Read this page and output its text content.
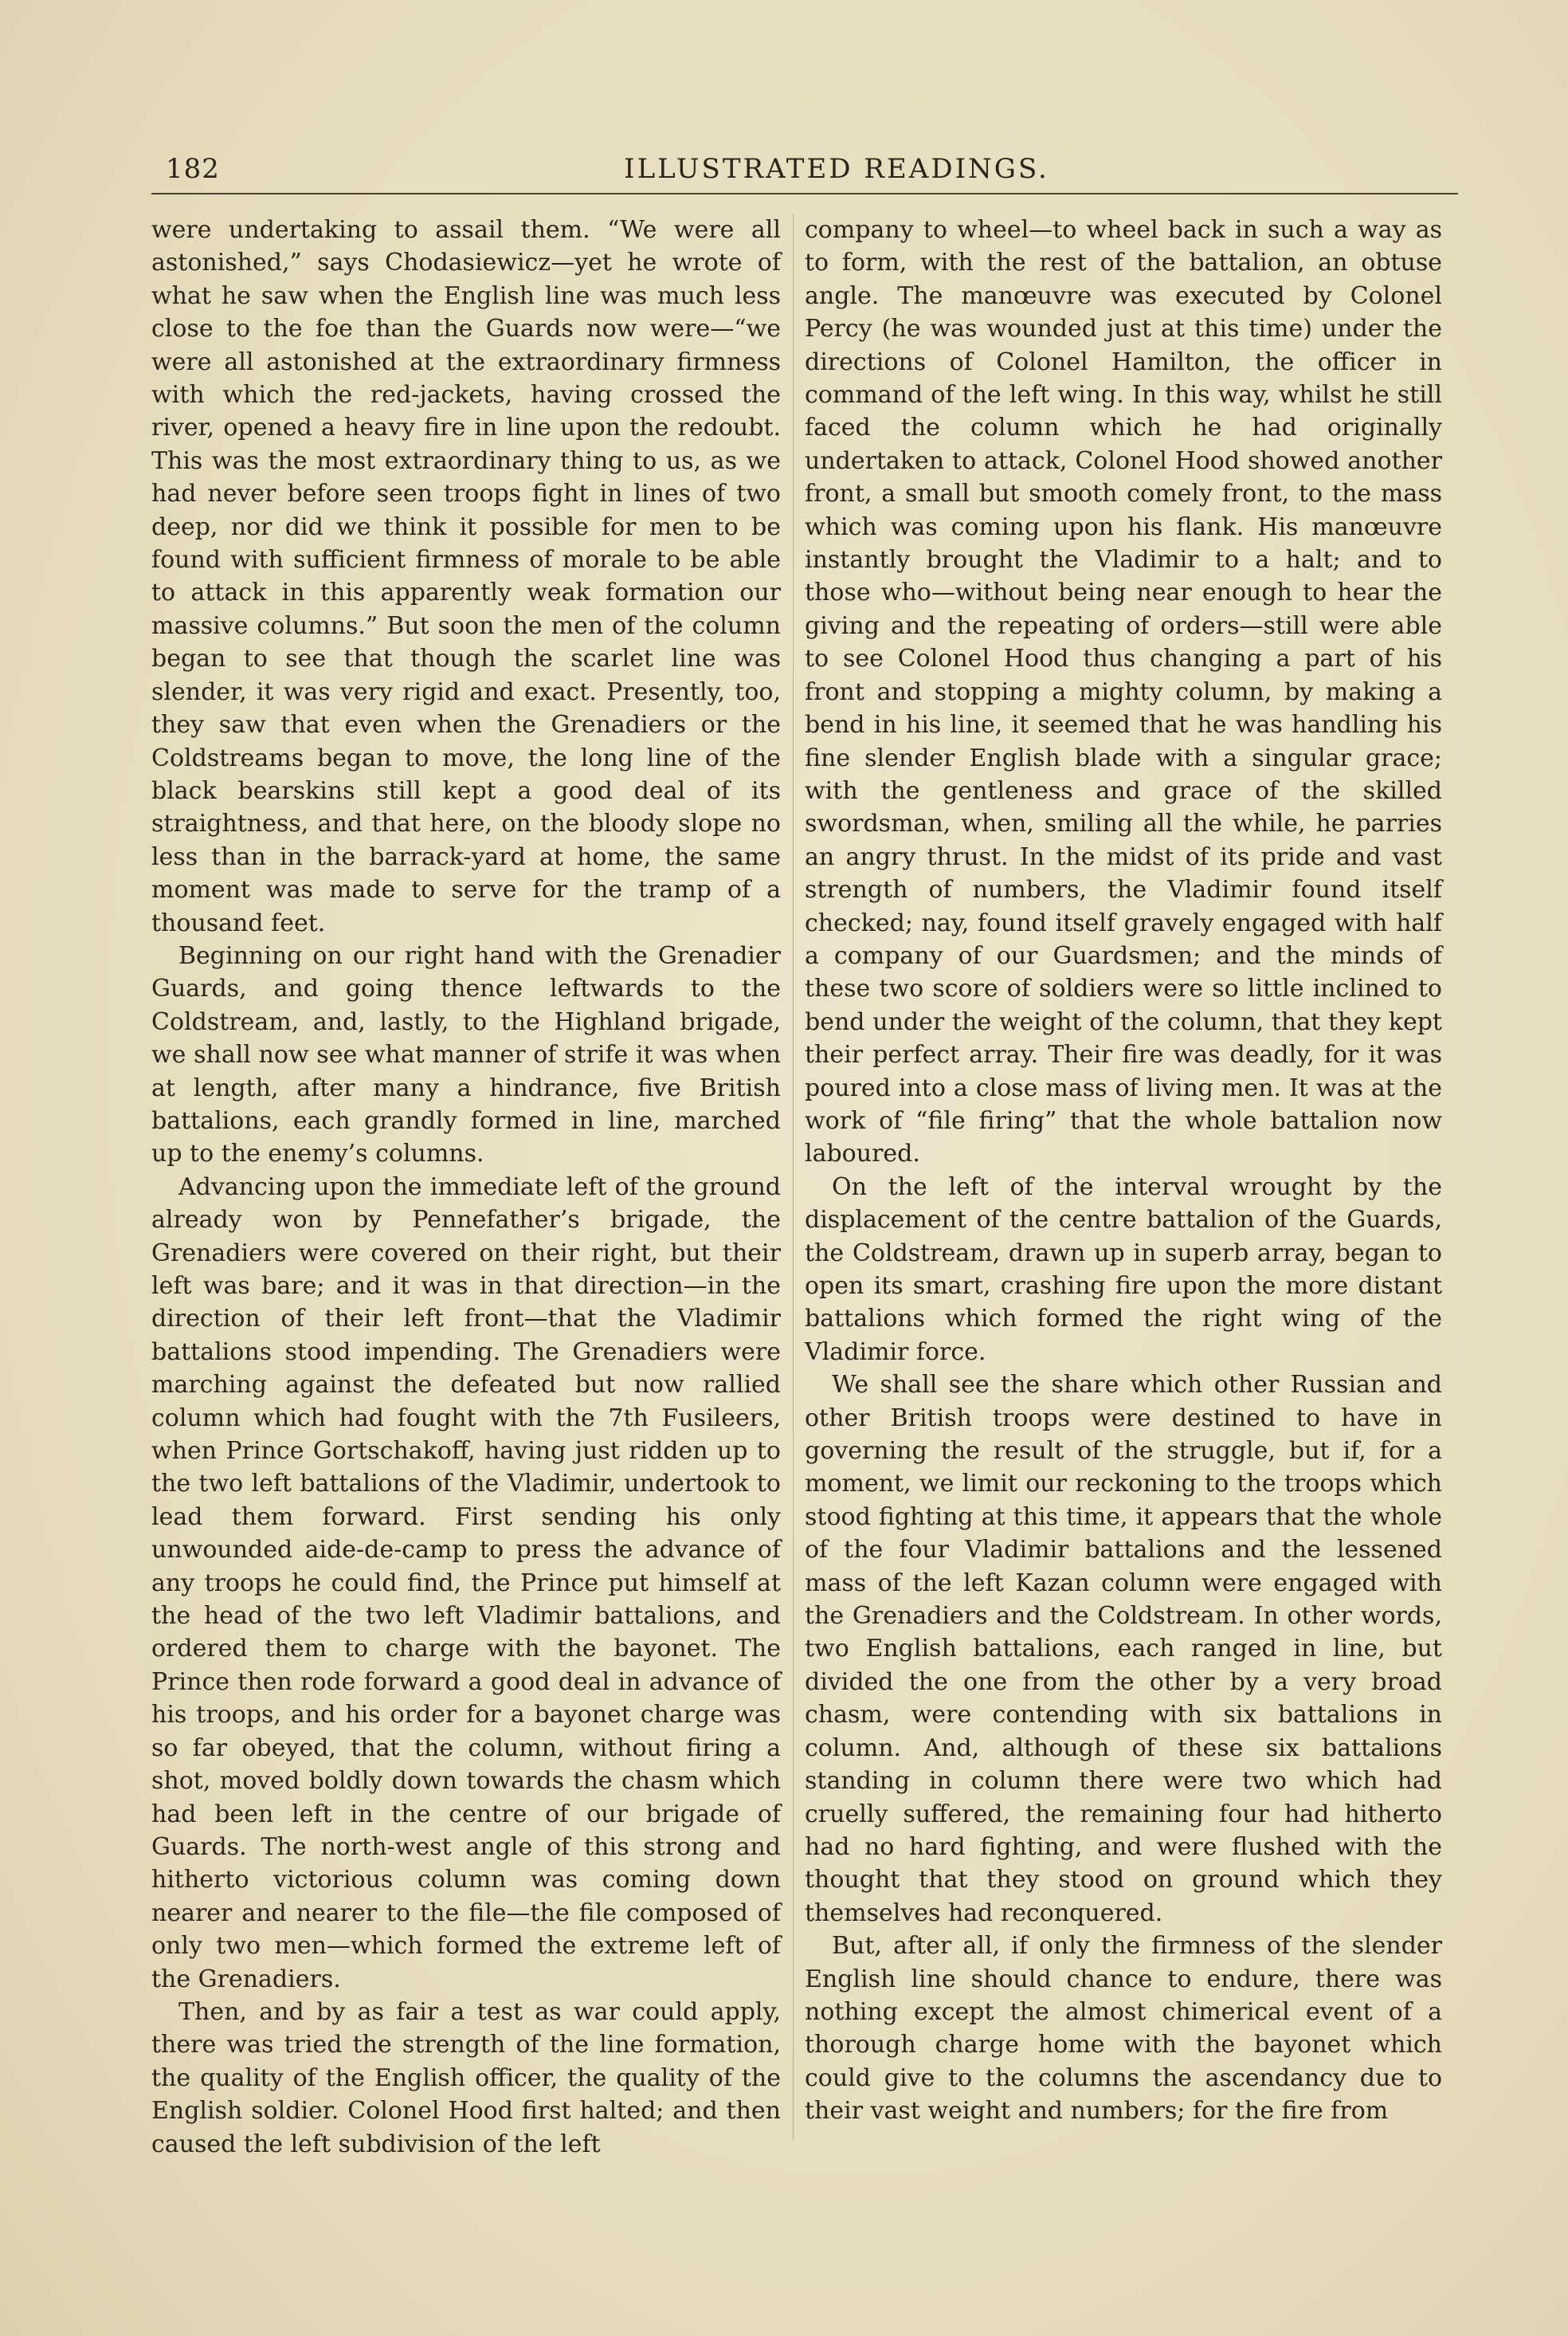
182	ILLUSTRATED READINGS.

were undertaking to assail them. “We were all astonished,” says Chodasiewicz—yet he wrote of what he saw when the English line was much less close to the foe than the Guards now were—“we were all astonished at the extraordinary firmness with which the red-jackets, having crossed the river, opened a heavy fire in line upon the redoubt. This was the most extraordinary thing to us, as we had never before seen troops fight in lines of two deep, nor did we think it possible for men to be found with sufficient firmness of morale to be able to attack in this apparently weak formation our massive columns.” But soon the men of the column began to see that though the scarlet line was slender, it was very rigid and exact. Presently, too, they saw that even when the Grenadiers or the Coldstreams began to move, the long line of the black bearskins still kept a good deal of its straightness, and that here, on the bloody slope no less than in the barrack-yard at home, the same moment was made to serve for the tramp of a thousand feet.

Beginning on our right hand with the Grenadier Guards, and going thence leftwards to the Coldstream, and, lastly, to the Highland brigade, we shall now see what manner of strife it was when at length, after many a hindrance, five British battalions, each grandly formed in line, marched up to the enemy’s columns.

Advancing upon the immediate left of the ground already won by Pennefather’s brigade, the Grenadiers were covered on their right, but their left was bare; and it was in that direction—in the direction of their left front—that the Vladimir battalions stood impending. The Grenadiers were marching against the defeated but now rallied column which had fought with the 7th Fusileers, when Prince Gortschakoff, having just ridden up to the two left battalions of the Vladimir, undertook to lead them forward. First sending his only unwounded aide-de-camp to press the advance of any troops he could find, the Prince put himself at the head of the two left Vladimir battalions, and ordered them to charge with the bayonet. The Prince then rode forward a good deal in advance of his troops, and his order for a bayonet charge was so far obeyed, that the column, without firing a shot, moved boldly down towards the chasm which had been left in the centre of our brigade of Guards. The north-west angle of this strong and hitherto victorious column was coming down nearer and nearer to the file—the file composed of only two men—which formed the extreme left of the Grenadiers.

Then, and by as fair a test as war could apply, there was tried the strength of the line formation, the quality of the English officer, the quality of the English soldier. Colonel Hood first halted; and then caused the left subdivision of the left

company to wheel—to wheel back in such a way as to form, with the rest of the battalion, an obtuse angle. The manœuvre was executed by Colonel Percy (he was wounded just at this time) under the directions of Colonel Hamilton, the officer in command of the left wing. In this way, whilst he still faced the column which he had originally undertaken to attack, Colonel Hood showed another front, a small but smooth comely front, to the mass which was coming upon his flank. His manœuvre instantly brought the Vladimir to a halt; and to those who—without being near enough to hear the giving and the repeating of orders—still were able to see Colonel Hood thus changing a part of his front and stopping a mighty column, by making a bend in his line, it seemed that he was handling his fine slender English blade with a singular grace; with the gentleness and grace of the skilled swordsman, when, smiling all the while, he parries an angry thrust. In the midst of its pride and vast strength of numbers, the Vladimir found itself checked; nay, found itself gravely engaged with half a company of our Guardsmen; and the minds of these two score of soldiers were so little inclined to bend under the weight of the column, that they kept their perfect array. Their fire was deadly, for it was poured into a close mass of living men. It was at the work of “file firing” that the whole battalion now laboured.

On the left of the interval wrought by the displacement of the centre battalion of the Guards, the Coldstream, drawn up in superb array, began to open its smart, crashing fire upon the more distant battalions which formed the right wing of the Vladimir force.

We shall see the share which other Russian and other British troops were destined to have in governing the result of the struggle, but if, for a moment, we limit our reckoning to the troops which stood fighting at this time, it appears that the whole of the four Vladimir battalions and the lessened mass of the left Kazan column were engaged with the Grenadiers and the Coldstream. In other words, two English battalions, each ranged in line, but divided the one from the other by a very broad chasm, were contending with six battalions in column. And, although of these six battalions standing in column there were two which had cruelly suffered, the remaining four had hitherto had no hard fighting, and were flushed with the thought that they stood on ground which they themselves had reconquered.

But, after all, if only the firmness of the slender English line should chance to endure, there was nothing except the almost chimerical event of a thorough charge home with the bayonet which could give to the columns the ascendancy due to their vast weight and numbers; for the fire from
